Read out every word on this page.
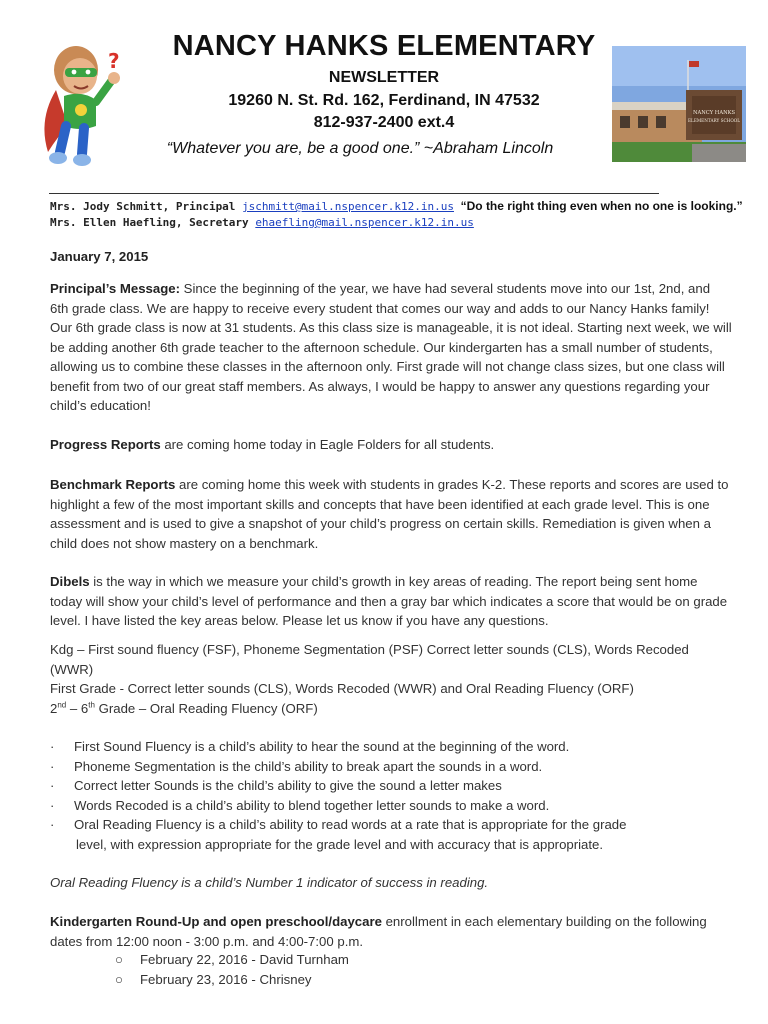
?
NANCY HANKS
ELEMENTARY SCHOOL
NANCY HANKS ELEMENTARY
NEWSLETTER
19260 N. St. Rd. 162, Ferdinand, IN 47532
812-937-2400 ext.4
“Whatever you are, be a good one.” ~Abraham Lincoln
Mrs. Jody Schmitt, Principal jschmitt@mail.nspencer.k12.in.us “Do the right thing even when no one is looking.”
Mrs. Ellen Haefling, Secretary ehaefling@mail.nspencer.k12.in.us
January 7, 2015
Principal’s Message: Since the beginning of the year, we have had several students move into our 1st, 2nd, and 6th grade class. We are happy to receive every student that comes our way and adds to our Nancy Hanks family! Our 6th grade class is now at 31 students. As this class size is manageable, it is not ideal. Starting next week, we will be adding another 6th grade teacher to the afternoon schedule. Our kindergarten has a small number of students, allowing us to combine these classes in the afternoon only. First grade will not change class sizes, but one class will benefit from two of our great staff members. As always, I would be happy to answer any questions regarding your child’s education!
Progress Reports are coming home today in Eagle Folders for all students.
Benchmark Reports are coming home this week with students in grades K-2. These reports and scores are used to highlight a few of the most important skills and concepts that have been identified at each grade level. This is one assessment and is used to give a snapshot of your child’s progress on certain skills. Remediation is given when a child does not show mastery on a benchmark.
Dibels is the way in which we measure your child’s growth in key areas of reading. The report being sent home today will show your child’s level of performance and then a gray bar which indicates a score that would be on grade level. I have listed the key areas below. Please let us know if you have any questions.
Kdg – First sound fluency (FSF), Phoneme Segmentation (PSF) Correct letter sounds (CLS), Words Recoded (WWR)
First Grade - Correct letter sounds (CLS), Words Recoded (WWR) and Oral Reading Fluency (ORF)
2nd – 6th Grade – Oral Reading Fluency (ORF)
·	First Sound Fluency is a child’s ability to hear the sound at the beginning of the word.
·	Phoneme Segmentation is the child’s ability to break apart the sounds in a word.
·	Correct letter Sounds is the child’s ability to give the sound a letter makes
·	Words Recoded is a child’s ability to blend together letter sounds to make a word.
·	Oral Reading Fluency is a child’s ability to read words at a rate that is appropriate for the grade
level, with expression appropriate for the grade level and with accuracy that is appropriate.
Oral Reading Fluency is a child’s Number 1 indicator of success in reading.
Kindergarten Round-Up and open preschool/daycare enrollment in each elementary building on the following dates from 12:00 noon - 3:00 p.m. and 4:00-7:00 p.m.
○ February 22, 2016 - David Turnham
○ February 23, 2016 - Chrisney
